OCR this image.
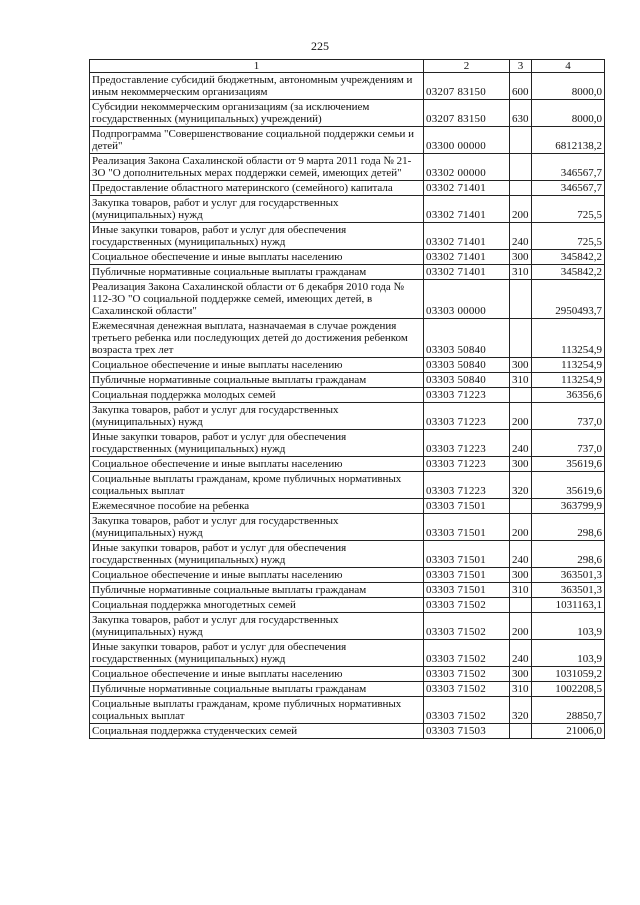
225
1	2	3	4
Предоставление субсидий бюджетным, автономным учреждениям и иным некоммерческим организациям	03207 83150	600	8000,0
Субсидии некоммерческим организациям (за исключением государственных (муниципальных) учреждений)	03207 83150	630	8000,0
Подпрограмма "Совершенствование социальной поддержки семьи и детей"	03300 00000		6812138,2
Реализация Закона Сахалинской области от 9 марта 2011 года № 21-ЗО "О дополнительных мерах поддержки семей, имеющих детей"	03302 00000		346567,7
Предоставление областного материнского (семейного) капитала	03302 71401		346567,7
Закупка товаров, работ и услуг для государственных (муниципальных) нужд	03302 71401	200	725,5
Иные закупки товаров, работ и услуг для обеспечения государственных (муниципальных) нужд	03302 71401	240	725,5
Социальное обеспечение и иные выплаты населению	03302 71401	300	345842,2
Публичные нормативные социальные выплаты гражданам	03302 71401	310	345842,2
Реализация Закона Сахалинской области от 6 декабря 2010 года № 112-ЗО "О социальной поддержке семей, имеющих детей, в Сахалинской области"	03303 00000		2950493,7
Ежемесячная денежная выплата, назначаемая в случае рождения третьего ребенка или последующих детей до достижения ребенком возраста трех лет	03303 50840		113254,9
Социальное обеспечение и иные выплаты населению	03303 50840	300	113254,9
Публичные нормативные социальные выплаты гражданам	03303 50840	310	113254,9
Социальная поддержка молодых семей	03303 71223		36356,6
Закупка товаров, работ и услуг для государственных (муниципальных) нужд	03303 71223	200	737,0
Иные закупки товаров, работ и услуг для обеспечения государственных (муниципальных) нужд	03303 71223	240	737,0
Социальное обеспечение и иные выплаты населению	03303 71223	300	35619,6
Социальные выплаты гражданам, кроме публичных нормативных социальных выплат	03303 71223	320	35619,6
Ежемесячное пособие на ребенка	03303 71501		363799,9
Закупка товаров, работ и услуг для государственных (муниципальных) нужд	03303 71501	200	298,6
Иные закупки товаров, работ и услуг для обеспечения государственных (муниципальных) нужд	03303 71501	240	298,6
Социальное обеспечение и иные выплаты населению	03303 71501	300	363501,3
Публичные нормативные социальные выплаты гражданам	03303 71501	310	363501,3
Социальная поддержка многодетных семей	03303 71502		1031163,1
Закупка товаров, работ и услуг для государственных (муниципальных) нужд	03303 71502	200	103,9
Иные закупки товаров, работ и услуг для обеспечения государственных (муниципальных) нужд	03303 71502	240	103,9
Социальное обеспечение и иные выплаты населению	03303 71502	300	1031059,2
Публичные нормативные социальные выплаты гражданам	03303 71502	310	1002208,5
Социальные выплаты гражданам, кроме публичных нормативных социальных выплат	03303 71502	320	28850,7
Социальная поддержка студенческих семей	03303 71503		21006,0
